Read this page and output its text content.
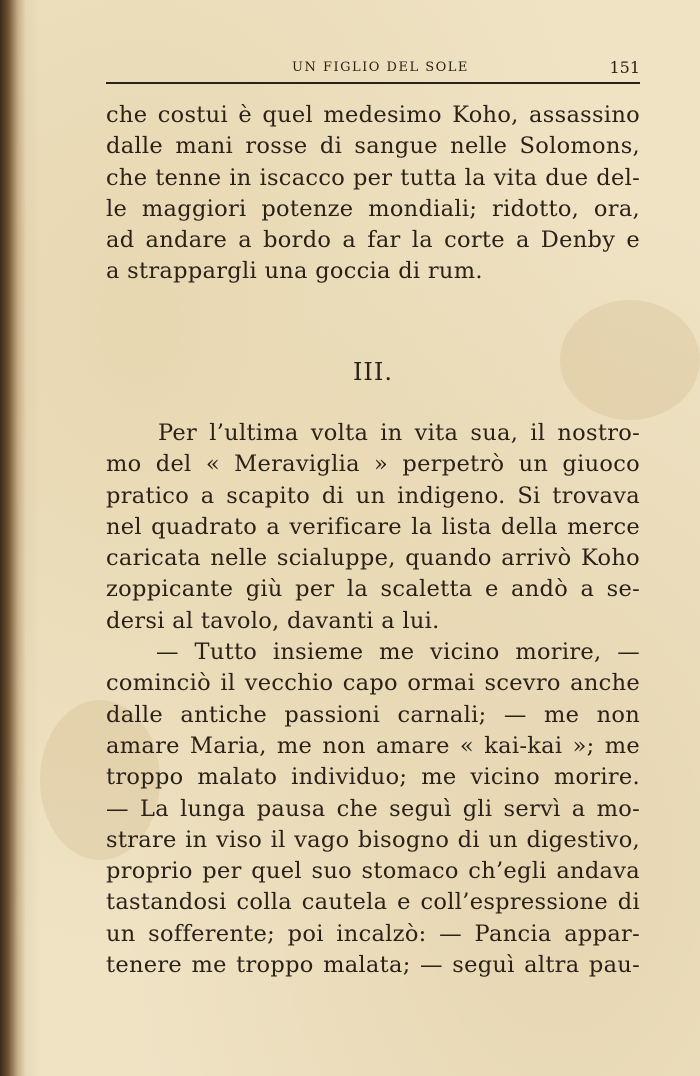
UN FIGLIO DEL SOLE	151
che costui è quel medesimo Koho, assassino
dalle mani rosse di sangue nelle Solomons,
che tenne in iscacco per tutta la vita due del-
le maggiori potenze mondiali; ridotto, ora,
ad andare a bordo a far la corte a Denby e
a strappargli una goccia di rum.
III.
Per l’ultima volta in vita sua, il nostro-
mo del « Meraviglia » perpetrò un giuoco
pratico a scapito di un indigeno. Si trovava
nel quadrato a verificare la lista della merce
caricata nelle scialuppe, quando arrivò Koho
zoppicante giù per la scaletta e andò a se-
dersi al tavolo, davanti a lui.
— Tutto insieme me vicino morire, —
cominciò il vecchio capo ormai scevro anche
dalle antiche passioni carnali; — me non
amare Maria, me non amare « kai-kai »; me
troppo malato individuo; me vicino morire.
— La lunga pausa che seguì gli servì a mo-
strare in viso il vago bisogno di un digestivo,
proprio per quel suo stomaco ch’egli andava
tastandosi colla cautela e coll’espressione di
un sofferente; poi incalzò: — Pancia appar-
tenere me troppo malata; — seguì altra pau-
